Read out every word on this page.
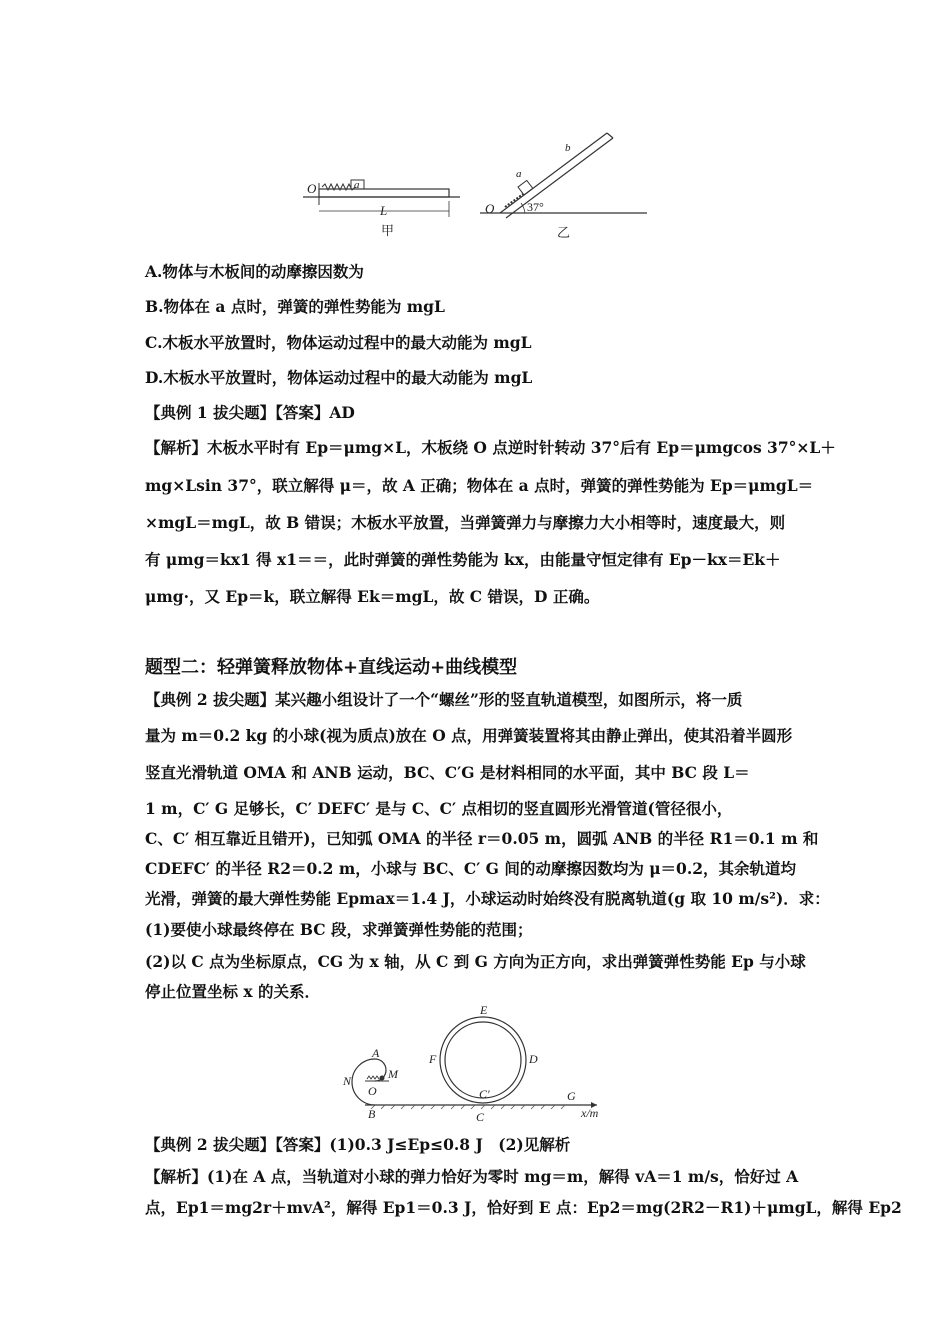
O	a
L
甲
O
a
b
37°
乙
A.物体与木板间的动摩擦因数为
B.物体在 a 点时，弹簧的弹性势能为 mgL
C.木板水平放置时，物体运动过程中的最大动能为 mgL
D.木板水平放置时，物体运动过程中的最大动能为 mgL
【典例 1 拔尖题】【答案】AD
【解析】木板水平时有 Ep＝μmg×L，木板绕 O 点逆时针转动 37°后有 Ep＝μmgcos 37°×L＋
mg×Lsin 37°，联立解得 μ＝，故 A 正确；物体在 a 点时，弹簧的弹性势能为 Ep＝μmgL＝
×mgL＝mgL，故 B 错误；木板水平放置，当弹簧弹力与摩擦力大小相等时，速度最大，则
有 μmg＝kx1 得 x1＝＝，此时弹簧的弹性势能为 kx，由能量守恒定律有 Ep－kx＝Ek＋
μmg·，又 Ep＝k，联立解得 Ek＝mgL，故 C 错误，D 正确。
题型二：轻弹簧释放物体+直线运动+曲线模型
【典例 2 拔尖题】某兴趣小组设计了一个“螺丝”形的竖直轨道模型，如图所示，将一质
量为 m＝0.2 kg 的小球(视为质点)放在 O 点，用弹簧装置将其由静止弹出，使其沿着半圆形
竖直光滑轨道 OMA 和 ANB 运动，BC、C′G 是材料相同的水平面，其中 BC 段 L＝
1 m，C′ G 足够长，C′ DEFC′ 是与 C、C′ 点相切的竖直圆形光滑管道(管径很小，
C、C′ 相互靠近且错开)，已知弧 OMA 的半径 r＝0.05 m，圆弧 ANB 的半径 R1＝0.1 m 和
CDEFC′ 的半径 R2＝0.2 m，小球与 BC、C′ G 间的动摩擦因数均为 μ＝0.2，其余轨道均
光滑，弹簧的最大弹性势能 Epmax＝1.4 J，小球运动时始终没有脱离轨道(g 取 10 m/s²)．求：
(1)要使小球最终停在 BC 段，求弹簧弹性势能的范围；
(2)以 C 点为坐标原点，CG 为 x 轴，从 C 到 G 方向为正方向，求出弹簧弹性势能 Ep 与小球
停止位置坐标 x 的关系．
E
F	D
A
N	M
O
B	C
C′	G
x/m
【典例 2 拔尖题】【答案】(1)0.3 J≤Ep≤0.8 J　(2)见解析
【解析】(1)在 A 点，当轨道对小球的弹力恰好为零时 mg＝m，解得 vA＝1 m/s，恰好过 A
点，Ep1＝mg2r＋mvA²，解得 Ep1＝0.3 J，恰好到 E 点：Ep2＝mg(2R2－R1)＋μmgL，解得 Ep2
